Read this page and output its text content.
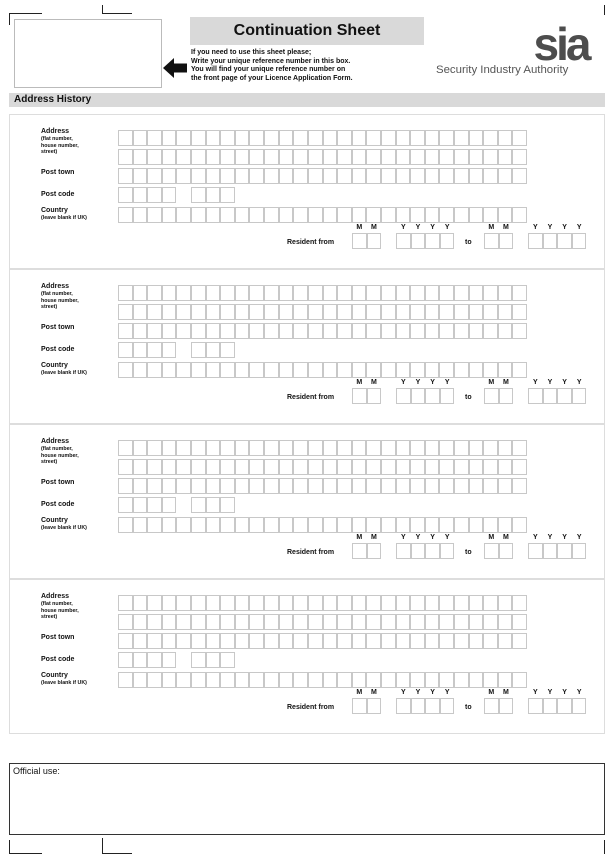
Continuation Sheet
If you need to use this sheet please;
Write your unique reference number in this box.
You will find your unique reference number on
the front page of your Licence Application Form.
sia
Security Industry Authority
Address History
Address
(flat number,
house number,
street)
Post town
Post code
Country
(leave blank if UK)
M	M	Y	Y	Y	Y	M	M	Y	Y	Y	Y
Resident from	to
Address
(flat number,
house number,
street)
Post town
Post code
Country
(leave blank if UK)
M	M	Y	Y	Y	Y	M	M	Y	Y	Y	Y
Resident from	to
Address
(flat number,
house number,
street)
Post town
Post code
Country
(leave blank if UK)
M	M	Y	Y	Y	Y	M	M	Y	Y	Y	Y
Resident from	to
Address
(flat number,
house number,
street)
Post town
Post code
Country
(leave blank if UK)
M	M	Y	Y	Y	Y	M	M	Y	Y	Y	Y
Resident from	to
Official use:
